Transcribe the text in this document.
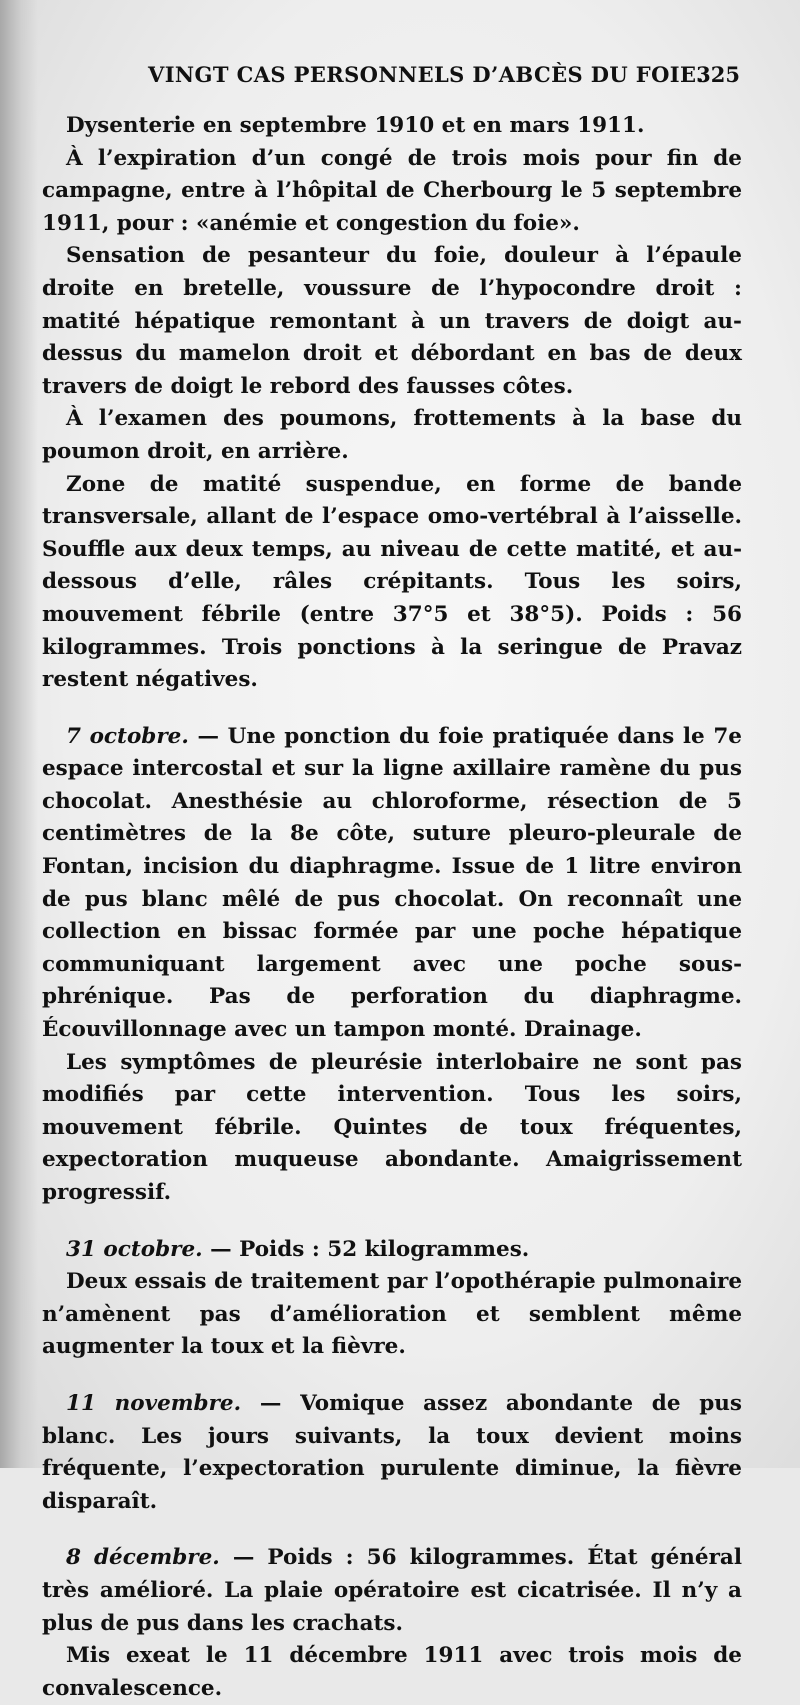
VINGT CAS PERSONNELS D’ABCÈS DU FOIE.
325

Dysenterie en septembre 1910 et en mars 1911.

À l’expiration d’un congé de trois mois pour fin de campagne, entre à l’hôpital de Cherbourg le 5 septembre 1911, pour : «anémie et congestion du foie».

Sensation de pesanteur du foie, douleur à l’épaule droite en bretelle, voussure de l’hypocondre droit : matité hépatique remontant à un travers de doigt au-dessus du mamelon droit et débordant en bas de deux travers de doigt le rebord des fausses côtes.

À l’examen des poumons, frottements à la base du poumon droit, en arrière.

Zone de matité suspendue, en forme de bande transversale, allant de l’espace omo-vertébral à l’aisselle. Souffle aux deux temps, au niveau de cette matité, et au-dessous d’elle, râles crépitants. Tous les soirs, mouvement fébrile (entre 37°5 et 38°5). Poids : 56 kilogrammes. Trois ponctions à la seringue de Pravaz restent négatives.

7 octobre. — Une ponction du foie pratiquée dans le 7e espace intercostal et sur la ligne axillaire ramène du pus chocolat. Anesthésie au chloroforme, résection de 5 centimètres de la 8e côte, suture pleuro-pleurale de Fontan, incision du diaphragme. Issue de 1 litre environ de pus blanc mêlé de pus chocolat. On reconnaît une collection en bissac formée par une poche hépatique communiquant largement avec une poche sous-phrénique. Pas de perforation du diaphragme. Écouvillonnage avec un tampon monté. Drainage.

Les symptômes de pleurésie interlobaire ne sont pas modifiés par cette intervention. Tous les soirs, mouvement fébrile. Quintes de toux fréquentes, expectoration muqueuse abondante. Amaigrissement progressif.

31 octobre. — Poids : 52 kilogrammes.

Deux essais de traitement par l’opothérapie pulmonaire n’amènent pas d’amélioration et semblent même augmenter la toux et la fièvre.

11 novembre. — Vomique assez abondante de pus blanc. Les jours suivants, la toux devient moins fréquente, l’expectoration purulente diminue, la fièvre disparaît.

8 décembre. — Poids : 56 kilogrammes. État général très amélioré. La plaie opératoire est cicatrisée. Il n’y a plus de pus dans les crachats.

Mis exeat le 11 décembre 1911 avec trois mois de convalescence.
